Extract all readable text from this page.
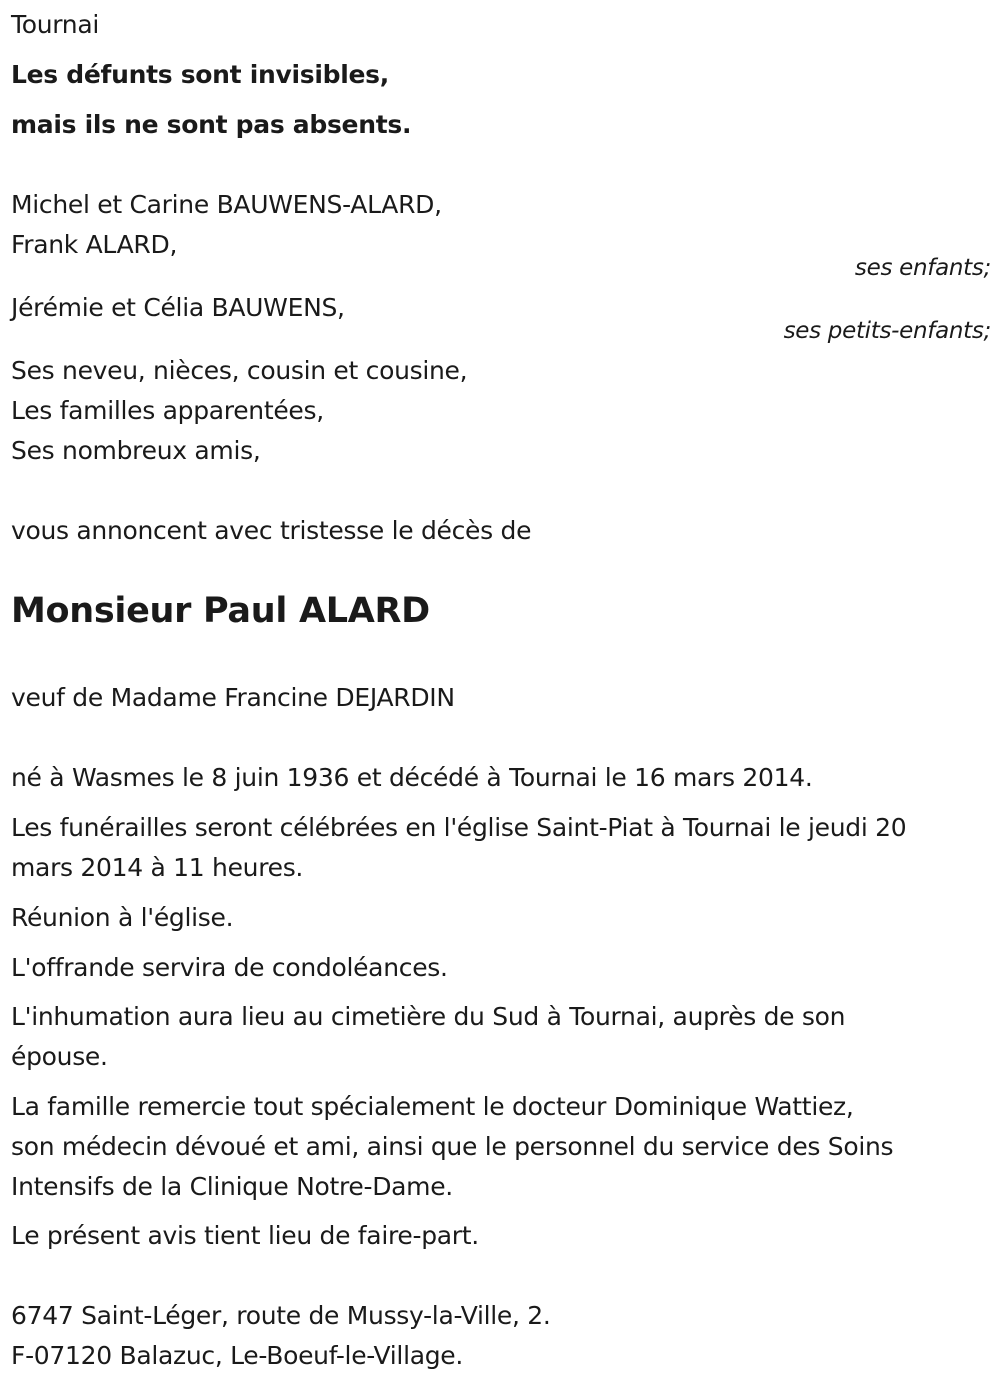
Tournai
Les défunts sont invisibles,
mais ils ne sont pas absents.
Michel et Carine BAUWENS-ALARD,
Frank ALARD,
ses enfants;
Jérémie et Célia BAUWENS,
ses petits-enfants;
Ses neveu, nièces, cousin et cousine,
Les familles apparentées,
Ses nombreux amis,
vous annoncent avec tristesse le décès de
Monsieur Paul ALARD
veuf de Madame Francine DEJARDIN
né à Wasmes le 8 juin 1936 et décédé à Tournai le 16 mars 2014.
Les funérailles seront célébrées en l'église Saint-Piat à Tournai le jeudi 20
mars 2014 à 11 heures.
Réunion à l'église.
L'offrande servira de condoléances.
L'inhumation aura lieu au cimetière du Sud à Tournai, auprès de son
épouse.
La famille remercie tout spécialement le docteur Dominique Wattiez,
son médecin dévoué et ami, ainsi que le personnel du service des Soins
Intensifs de la Clinique Notre-Dame.
Le présent avis tient lieu de faire-part.
6747 Saint-Léger, route de Mussy-la-Ville, 2.
F-07120 Balazuc, Le-Boeuf-le-Village.
